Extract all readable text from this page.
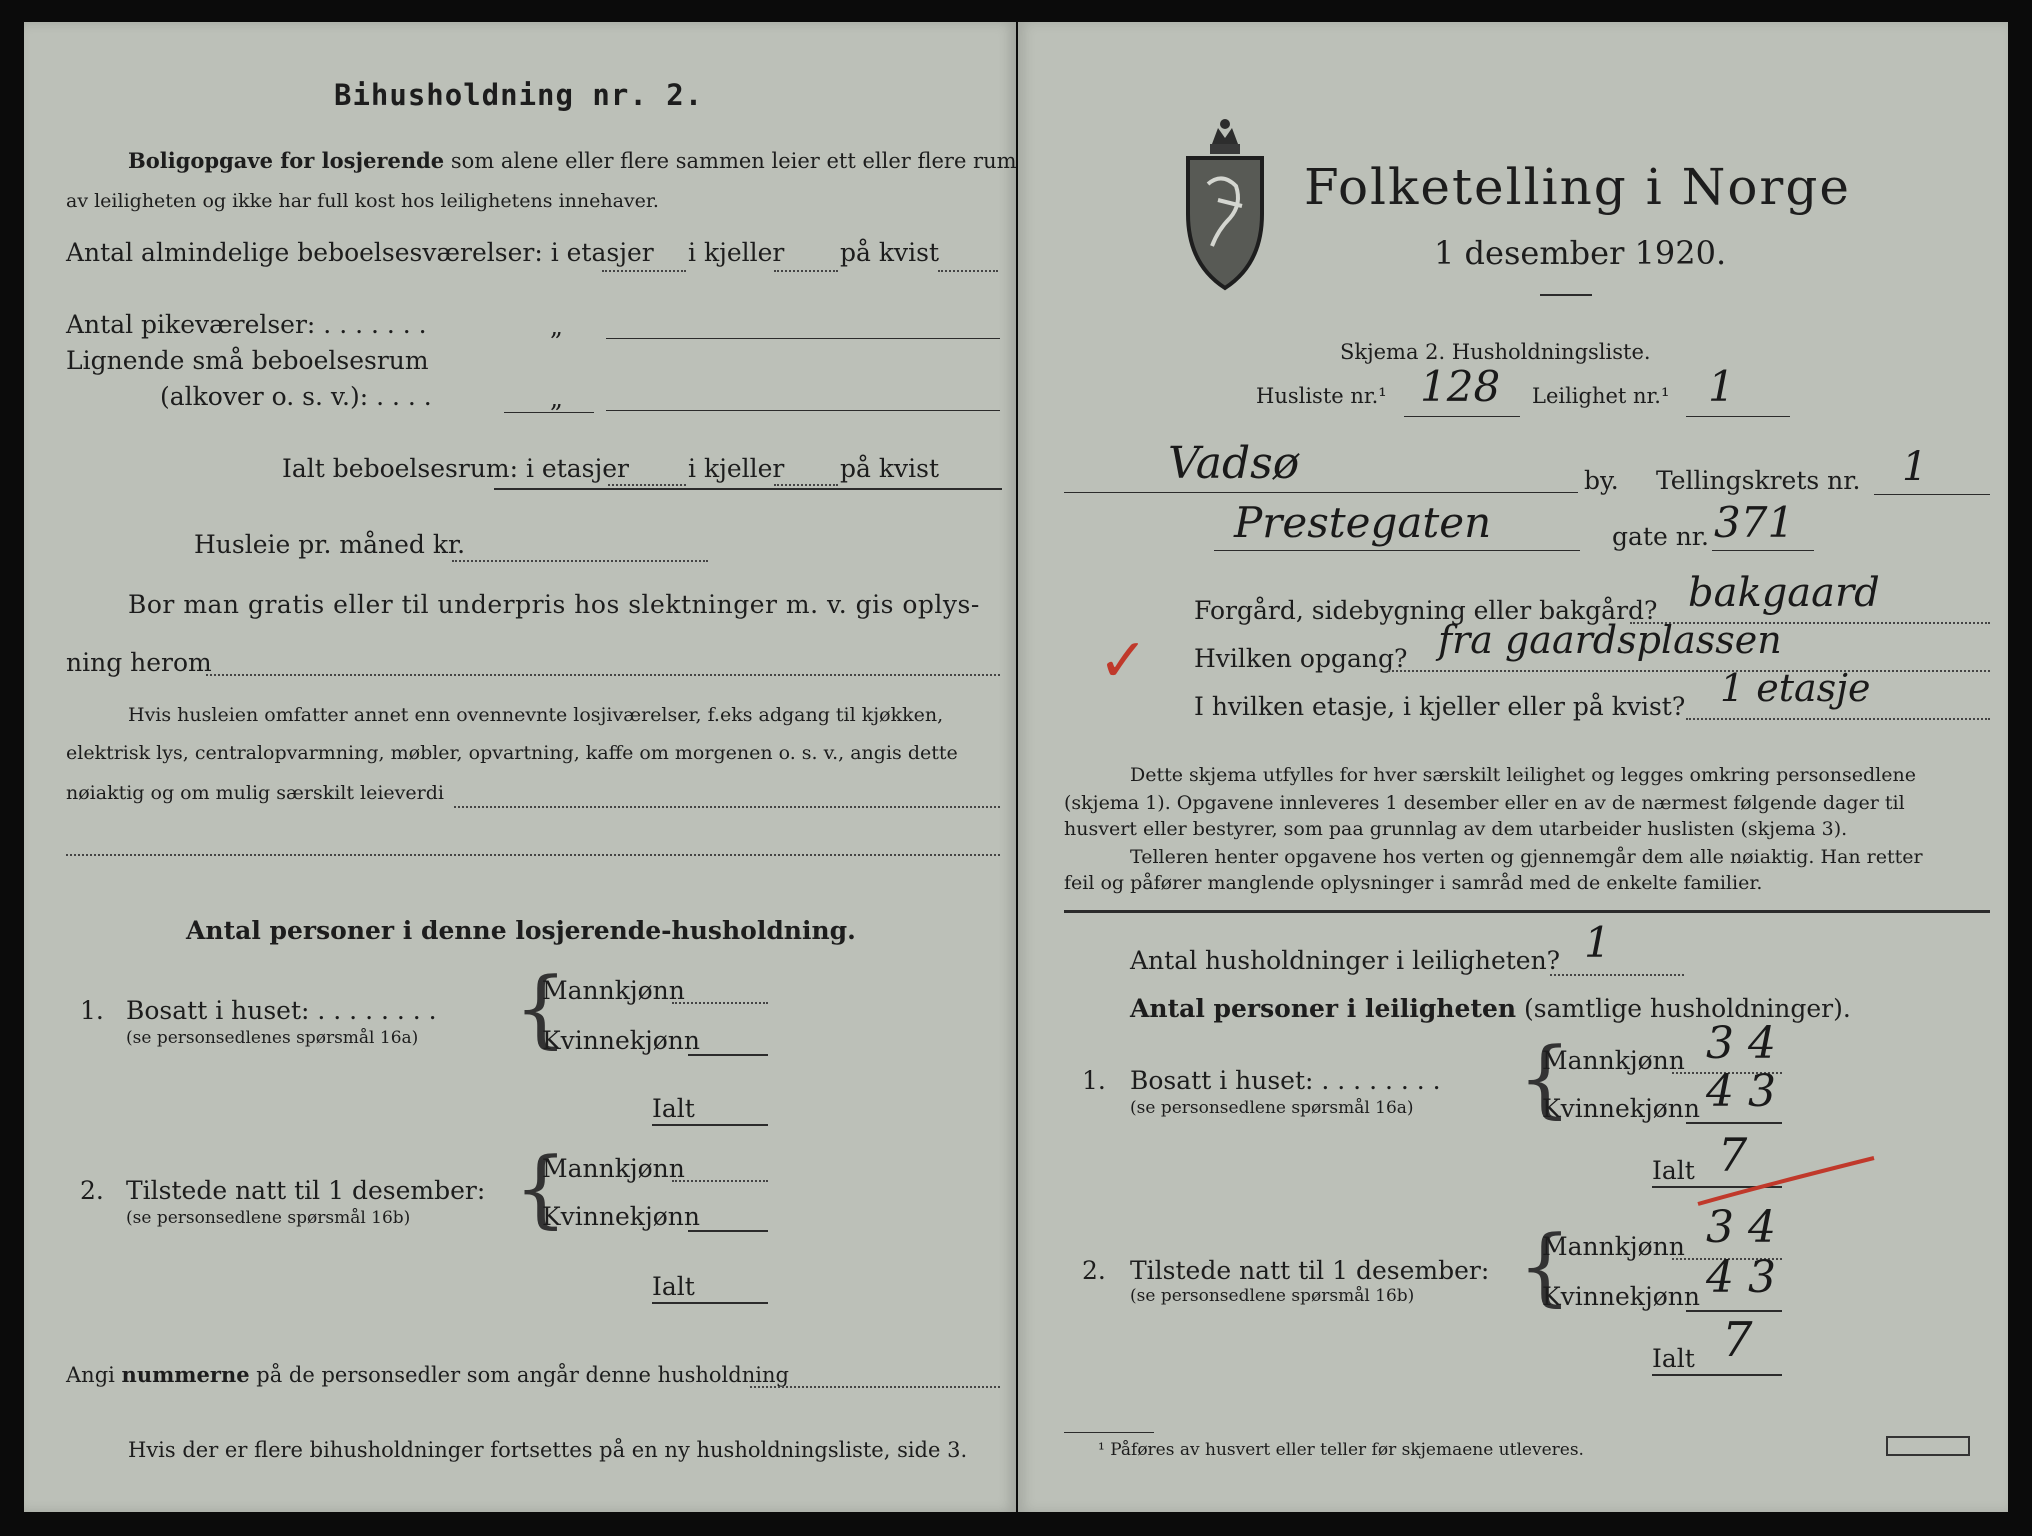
Bihusholdning nr. 2.
Boligopgave for losjerende som alene eller flere sammen leier ett eller flere rum
av leiligheten og ikke har full kost hos leilighetens innehaver.
Antal almindelige beboelsesværelser: i etasjer i kjeller på kvist
Antal pikeværelser: . . . . . . .	„
Lignende små beboelsesrum
(alkover o. s. v.): . . . .	„
Ialt beboelsesrum: i etasjer i kjeller på kvist
Husleie pr. måned kr.
Bor man gratis eller til underpris hos slektninger m. v. gis oplys-
ning herom
Hvis husleien omfatter annet enn ovennevnte losjiværelser, f.eks adgang til kjøkken,
elektrisk lys, centralopvarmning, møbler, opvartning, kaffe om morgenen o. s. v., angis dette
nøiaktig og om mulig særskilt leieverdi
Antal personer i denne losjerende-husholdning.
1. Bosatt i huset: . . . . . . . .
(se personsedlenes spørsmål 16a) {
Mannkjønn
Kvinnekjønn
Ialt
2. Tilstede natt til 1 desember:
(se personsedlene spørsmål 16b) {
Mannkjønn
Kvinnekjønn
Ialt
Angi nummerne på de personsedler som angår denne husholdning
Hvis der er flere bihusholdninger fortsettes på en ny husholdningsliste, side 3.
Folketelling i Norge
1 desember 1920.
Skjema 2. Husholdningsliste.
Husliste nr.¹ 128 Leilighet nr.¹ 1
Vadsø	by. Tellingskrets nr. 1
Prestegaten	gate nr. 371
✓
Forgård, sidebygning eller bakgård? bakgaard
Hvilken opgang? fra gaardsplassen
I hvilken etasje, i kjeller eller på kvist? 1 etasje
Dette skjema utfylles for hver særskilt leilighet og legges omkring personsedlene
(skjema 1). Opgavene innleveres 1 desember eller en av de nærmest følgende dager til
husvert eller bestyrer, som paa grunnlag av dem utarbeider huslisten (skjema 3).
Telleren henter opgavene hos verten og gjennemgår dem alle nøiaktig. Han retter
feil og påfører manglende oplysninger i samråd med de enkelte familier.
Antal husholdninger i leiligheten? 1
Antal personer i leiligheten (samtlige husholdninger).
1. Bosatt i huset: . . . . . . . .
(se personsedlene spørsmål 16a) {
Mannkjønn 3 4
Kvinnekjønn 4 3
Ialt 7
2. Tilstede natt til 1 desember:
(se personsedlene spørsmål 16b) {
Mannkjønn 3 4
Kvinnekjønn 4 3
Ialt 7
¹ Påføres av husvert eller teller før skjemaene utleveres.
